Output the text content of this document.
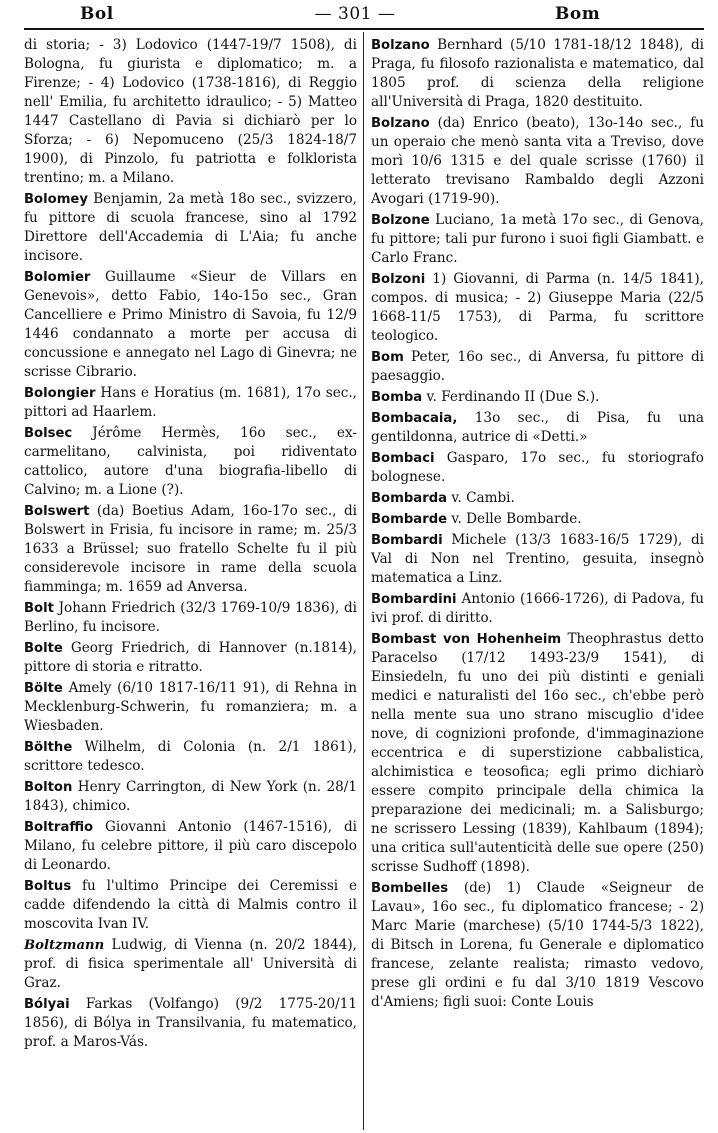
Bol	— 301 —	Bom

di storia; - 3) Lodovico (1447-19/7 1508), di Bologna, fu giurista e diplomatico; m. a Firenze; - 4) Lodovico (1738-1816), di Reggio nell' Emilia, fu architetto idraulico; - 5) Matteo 1447 Castellano di Pavia si dichiarò per lo Sforza; - 6) Nepomuceno (25/3 1824-18/7 1900), di Pinzolo, fu patriotta e folklorista trentino; m. a Milano.

Bolomey Benjamin, 2a metà 18o sec., svizzero, fu pittore di scuola francese, sino al 1792 Direttore dell'Accademia di L'Aia; fu anche incisore.

Bolomier Guillaume «Sieur de Villars en Genevois», detto Fabio, 14o-15o sec., Gran Cancelliere e Primo Ministro di Savoia, fu 12/9 1446 condannato a morte per accusa di concussione e annegato nel Lago di Ginevra; ne scrisse Cibrario.

Bolongier Hans e Horatius (m. 1681), 17o sec., pittori ad Haarlem.

Bolsec Jérôme Hermès, 16o sec., ex-carmelitano, calvinista, poi ridiventato cattolico, autore d'una biografia-libello di Calvino; m. a Lione (?).

Bolswert (da) Boetius Adam, 16o-17o sec., di Bolswert in Frisia, fu incisore in rame; m. 25/3 1633 a Brüssel; suo fratello Schelte fu il più considerevole incisore in rame della scuola fiamminga; m. 1659 ad Anversa.

Bolt Johann Friedrich (32/3 1769-10/9 1836), di Berlino, fu incisore.

Bolte Georg Friedrich, di Hannover (n.1814), pittore di storia e ritratto.

Bölte Amely (6/10 1817-16/11 91), di Rehna in Mecklenburg-Schwerin, fu romanziera; m. a Wiesbaden.

Bölthe Wilhelm, di Colonia (n. 2/1 1861), scrittore tedesco.

Bolton Henry Carrington, di New York (n. 28/1 1843), chimico.

Boltraffio Giovanni Antonio (1467-1516), di Milano, fu celebre pittore, il più caro discepolo di Leonardo.

Boltus fu l'ultimo Principe dei Ceremissi e cadde difendendo la città di Malmis contro il moscovita Ivan IV.

Boltzmann Ludwig, di Vienna (n. 20/2 1844), prof. di fisica sperimentale all' Università di Graz.

Bólyai Farkas (Volfango) (9/2 1775-20/11 1856), di Bólya in Transilvania, fu matematico, prof. a Maros-Vás.

Bolzano Bernhard (5/10 1781-18/12 1848), di Praga, fu filosofo razionalista e matematico, dal 1805 prof. di scienza della religione all'Università di Praga, 1820 destituito.

Bolzano (da) Enrico (beato), 13o-14o sec., fu un operaio che menò santa vita a Treviso, dove morì 10/6 1315 e del quale scrisse (1760) il letterato trevisano Rambaldo degli Azzoni Avogari (1719-90).

Bolzone Luciano, 1a metà 17o sec., di Genova, fu pittore; tali pur furono i suoi figli Giambatt. e Carlo Franc.

Bolzoni 1) Giovanni, di Parma (n. 14/5 1841), compos. di musica; - 2) Giuseppe Maria (22/5 1668-11/5 1753), di Parma, fu scrittore teologico.

Bom Peter, 16o sec., di Anversa, fu pittore di paesaggio.

Bomba v. Ferdinando II (Due S.).

Bombacaia, 13o sec., di Pisa, fu una gentildonna, autrice di «Detti.»

Bombaci Gasparo, 17o sec., fu storiografo bolognese.

Bombarda v. Cambi.

Bombarde v. Delle Bombarde.

Bombardi Michele (13/3 1683-16/5 1729), di Val di Non nel Trentino, gesuita, insegnò matematica a Linz.

Bombardini Antonio (1666-1726), di Padova, fu ivi prof. di diritto.

Bombast von Hohenheim Theophrastus detto Paracelso (17/12 1493-23/9 1541), di Einsiedeln, fu uno dei più distinti e geniali medici e naturalisti del 16o sec., ch'ebbe però nella mente sua uno strano miscuglio d'idee nove, di cognizioni profonde, d'immaginazione eccentrica e di superstizione cabbalistica, alchimistica e teosofica; egli primo dichiarò essere compito principale della chimica la preparazione dei medicinali; m. a Salisburgo; ne scrissero Lessing (1839), Kahlbaum (1894); una critica sull'autenticità delle sue opere (250) scrisse Sudhoff (1898).

Bombelles (de) 1) Claude «Seigneur de Lavau», 16o sec., fu diplomatico francese; - 2) Marc Marie (marchese) (5/10 1744-5/3 1822), di Bitsch in Lorena, fu Generale e diplomatico francese, zelante realista; rimasto vedovo, prese gli ordini e fu dal 3/10 1819 Vescovo d'Amiens; figli suoi: Conte Louis
